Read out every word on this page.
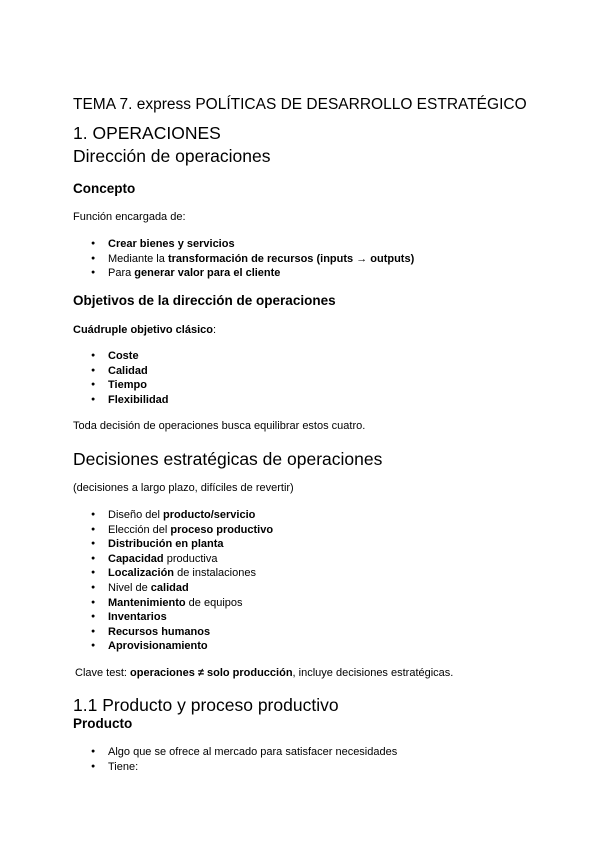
TEMA 7. express POLÍTICAS DE DESARROLLO ESTRATÉGICO
1. OPERACIONES
Dirección de operaciones
Concepto
Función encargada de:
● Crear bienes y servicios
● Mediante la transformación de recursos (inputs → outputs)
● Para generar valor para el cliente
Objetivos de la dirección de operaciones
Cuádruple objetivo clásico:
● Coste
● Calidad
● Tiempo
● Flexibilidad
Toda decisión de operaciones busca equilibrar estos cuatro.
Decisiones estratégicas de operaciones
(decisiones a largo plazo, difíciles de revertir)
● Diseño del producto/servicio
● Elección del proceso productivo
● Distribución en planta
● Capacidad productiva
● Localización de instalaciones
● Nivel de calidad
● Mantenimiento de equipos
● Inventarios
● Recursos humanos
● Aprovisionamiento
Clave test: operaciones ≠ solo producción, incluye decisiones estratégicas.
1.1 Producto y proceso productivo
Producto
● Algo que se ofrece al mercado para satisfacer necesidades
● Tiene:
